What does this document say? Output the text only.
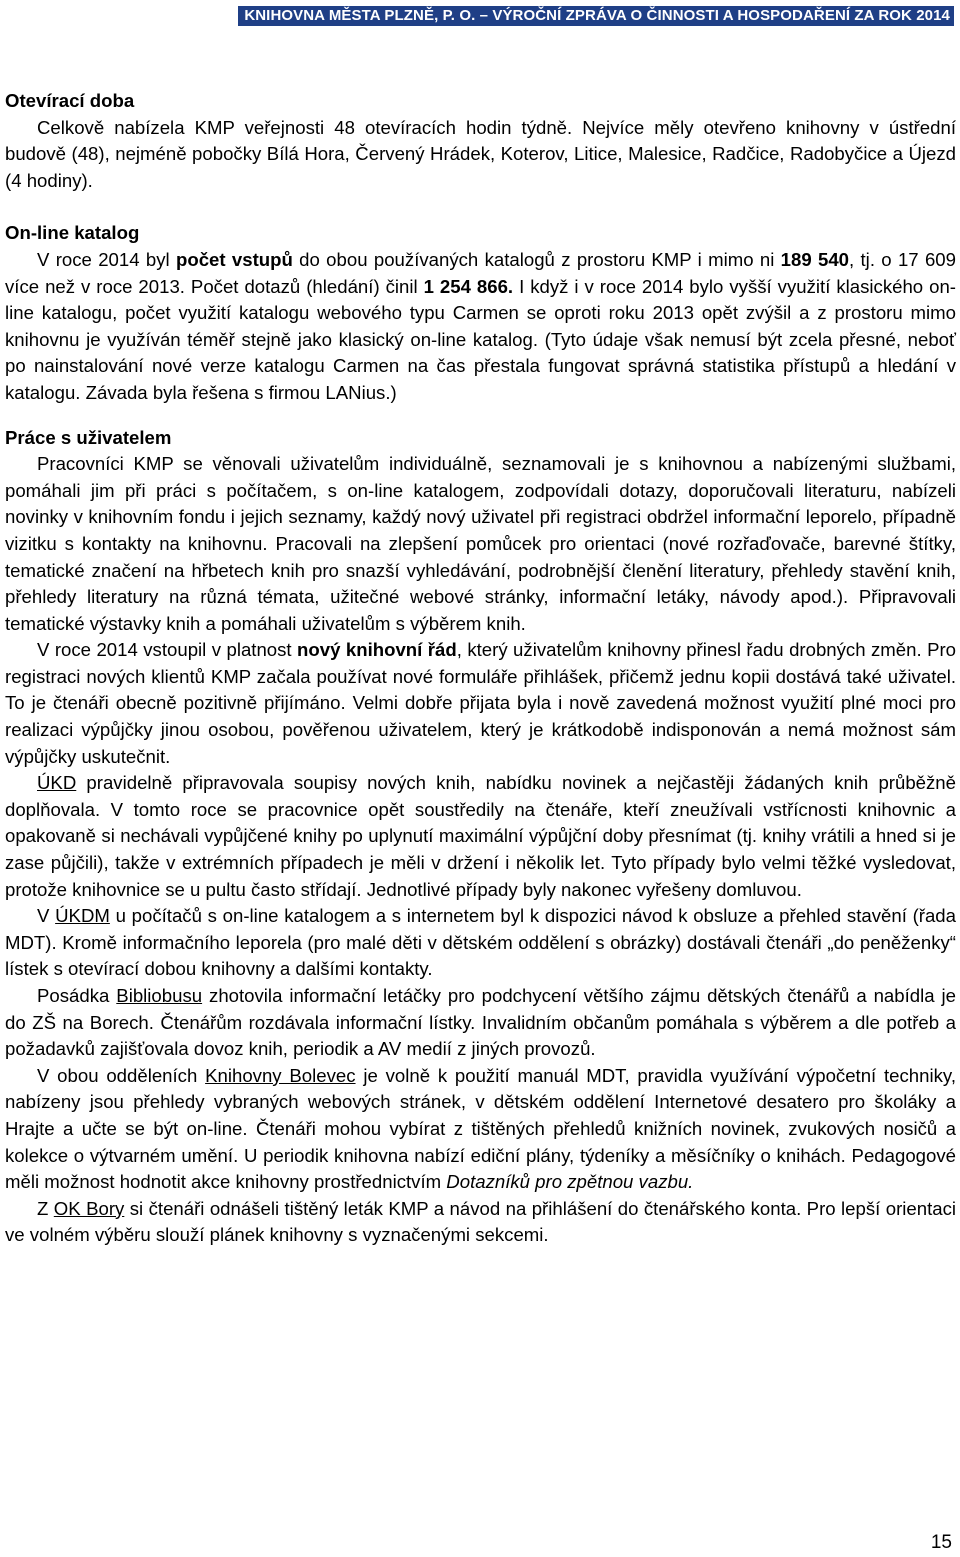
KNIHOVNA MĚSTA PLZNĚ, P. O. – VÝROČNÍ ZPRÁVA O ČINNOSTI A HOSPODAŘENÍ ZA ROK 2014
Otevírací doba

Celkově nabízela KMP veřejnosti 48 otevíracích hodin týdně. Nejvíce měly otevřeno knihovny v ústřední budově (48), nejméně pobočky Bílá Hora, Červený Hrádek, Koterov, Litice, Malesice, Radčice, Radobyčice a Újezd (4 hodiny).

On-line katalog

V roce 2014 byl počet vstupů do obou používaných katalogů z prostoru KMP i mimo ni 189 540, tj. o 17 609 více než v roce 2013. Počet dotazů (hledání) činil 1 254 866. I když i v roce 2014 bylo vyšší využití klasického on-line katalogu, počet využití katalogu webového typu Carmen se oproti roku 2013 opět zvýšil a z prostoru mimo knihovnu je využíván téměř stejně jako klasický on-line katalog. (Tyto údaje však nemusí být zcela přesné, neboť po nainstalování nové verze katalogu Carmen na čas přestala fungovat správná statistika přístupů a hledání v katalogu. Závada byla řešena s firmou LANius.)

Práce s uživatelem

Pracovníci KMP se věnovali uživatelům individuálně, seznamovali je s knihovnou a nabízenými službami, pomáhali jim při práci s počítačem, s on-line katalogem, zodpovídali dotazy, doporučovali literaturu, nabízeli novinky v knihovním fondu i jejich seznamy, každý nový uživatel při registraci obdržel informační leporelo, případně vizitku s kontakty na knihovnu. Pracovali na zlepšení pomůcek pro orientaci (nové rozřaďovače, barevné štítky, tematické značení na hřbetech knih pro snazší vyhledávání, podrobnější členění literatury, přehledy stavění knih, přehledy literatury na různá témata, užitečné webové stránky, informační letáky, návody apod.). Připravovali tematické výstavky knih a pomáhali uživatelům s výběrem knih.

V roce 2014 vstoupil v platnost nový knihovní řád, který uživatelům knihovny přinesl řadu drobných změn. Pro registraci nových klientů KMP začala používat nové formuláře přihlášek, přičemž jednu kopii dostává také uživatel. To je čtenáři obecně pozitivně přijímáno. Velmi dobře přijata byla i nově zavedená možnost využití plné moci pro realizaci výpůjčky jinou osobou, pověřenou uživatelem, který je krátkodobě indisponován a nemá možnost sám výpůjčky uskutečnit.

ÚKD pravidelně připravovala soupisy nových knih, nabídku novinek a nejčastěji žádaných knih průběžně doplňovala. V tomto roce se pracovnice opět soustředily na čtenáře, kteří zneužívali vstřícnosti knihovnic a opakovaně si nechávali vypůjčené knihy po uplynutí maximální výpůjční doby přesnímat (tj. knihy vrátili a hned si je zase půjčili), takže v extrémních případech je měli v držení i několik let. Tyto případy bylo velmi těžké vysledovat, protože knihovnice se u pultu často střídají. Jednotlivé případy byly nakonec vyřešeny domluvou.

V ÚKDM u počítačů s on-line katalogem a s internetem byl k dispozici návod k obsluze a přehled stavění (řada MDT). Kromě informačního leporela (pro malé děti v dětském oddělení s obrázky) dostávali čtenáři „do peněženky“ lístek s otevírací dobou knihovny a dalšími kontakty.

Posádka Bibliobusu zhotovila informační letáčky pro podchycení většího zájmu dětských čtenářů a nabídla je do ZŠ na Borech. Čtenářům rozdávala informační lístky. Invalidním občanům pomáhala s výběrem a dle potřeb a požadavků zajišťovala dovoz knih, periodik a AV medií z jiných provozů.

V obou odděleních Knihovny Bolevec je volně k použití manuál MDT, pravidla využívání výpočetní techniky, nabízeny jsou přehledy vybraných webových stránek, v dětském oddělení Internetové desatero pro školáky a Hrajte a učte se být on-line. Čtenáři mohou vybírat z tištěných přehledů knižních novinek, zvukových nosičů a kolekce o výtvarném umění. U periodik knihovna nabízí ediční plány, týdeníky a měsíčníky o knihách. Pedagogové měli možnost hodnotit akce knihovny prostřednictvím Dotazníků pro zpětnou vazbu.

Z OK Bory si čtenáři odnášeli tištěný leták KMP a návod na přihlášení do čtenářského konta. Pro lepší orientaci ve volném výběru slouží plánek knihovny s vyznačenými sekcemi.

15
